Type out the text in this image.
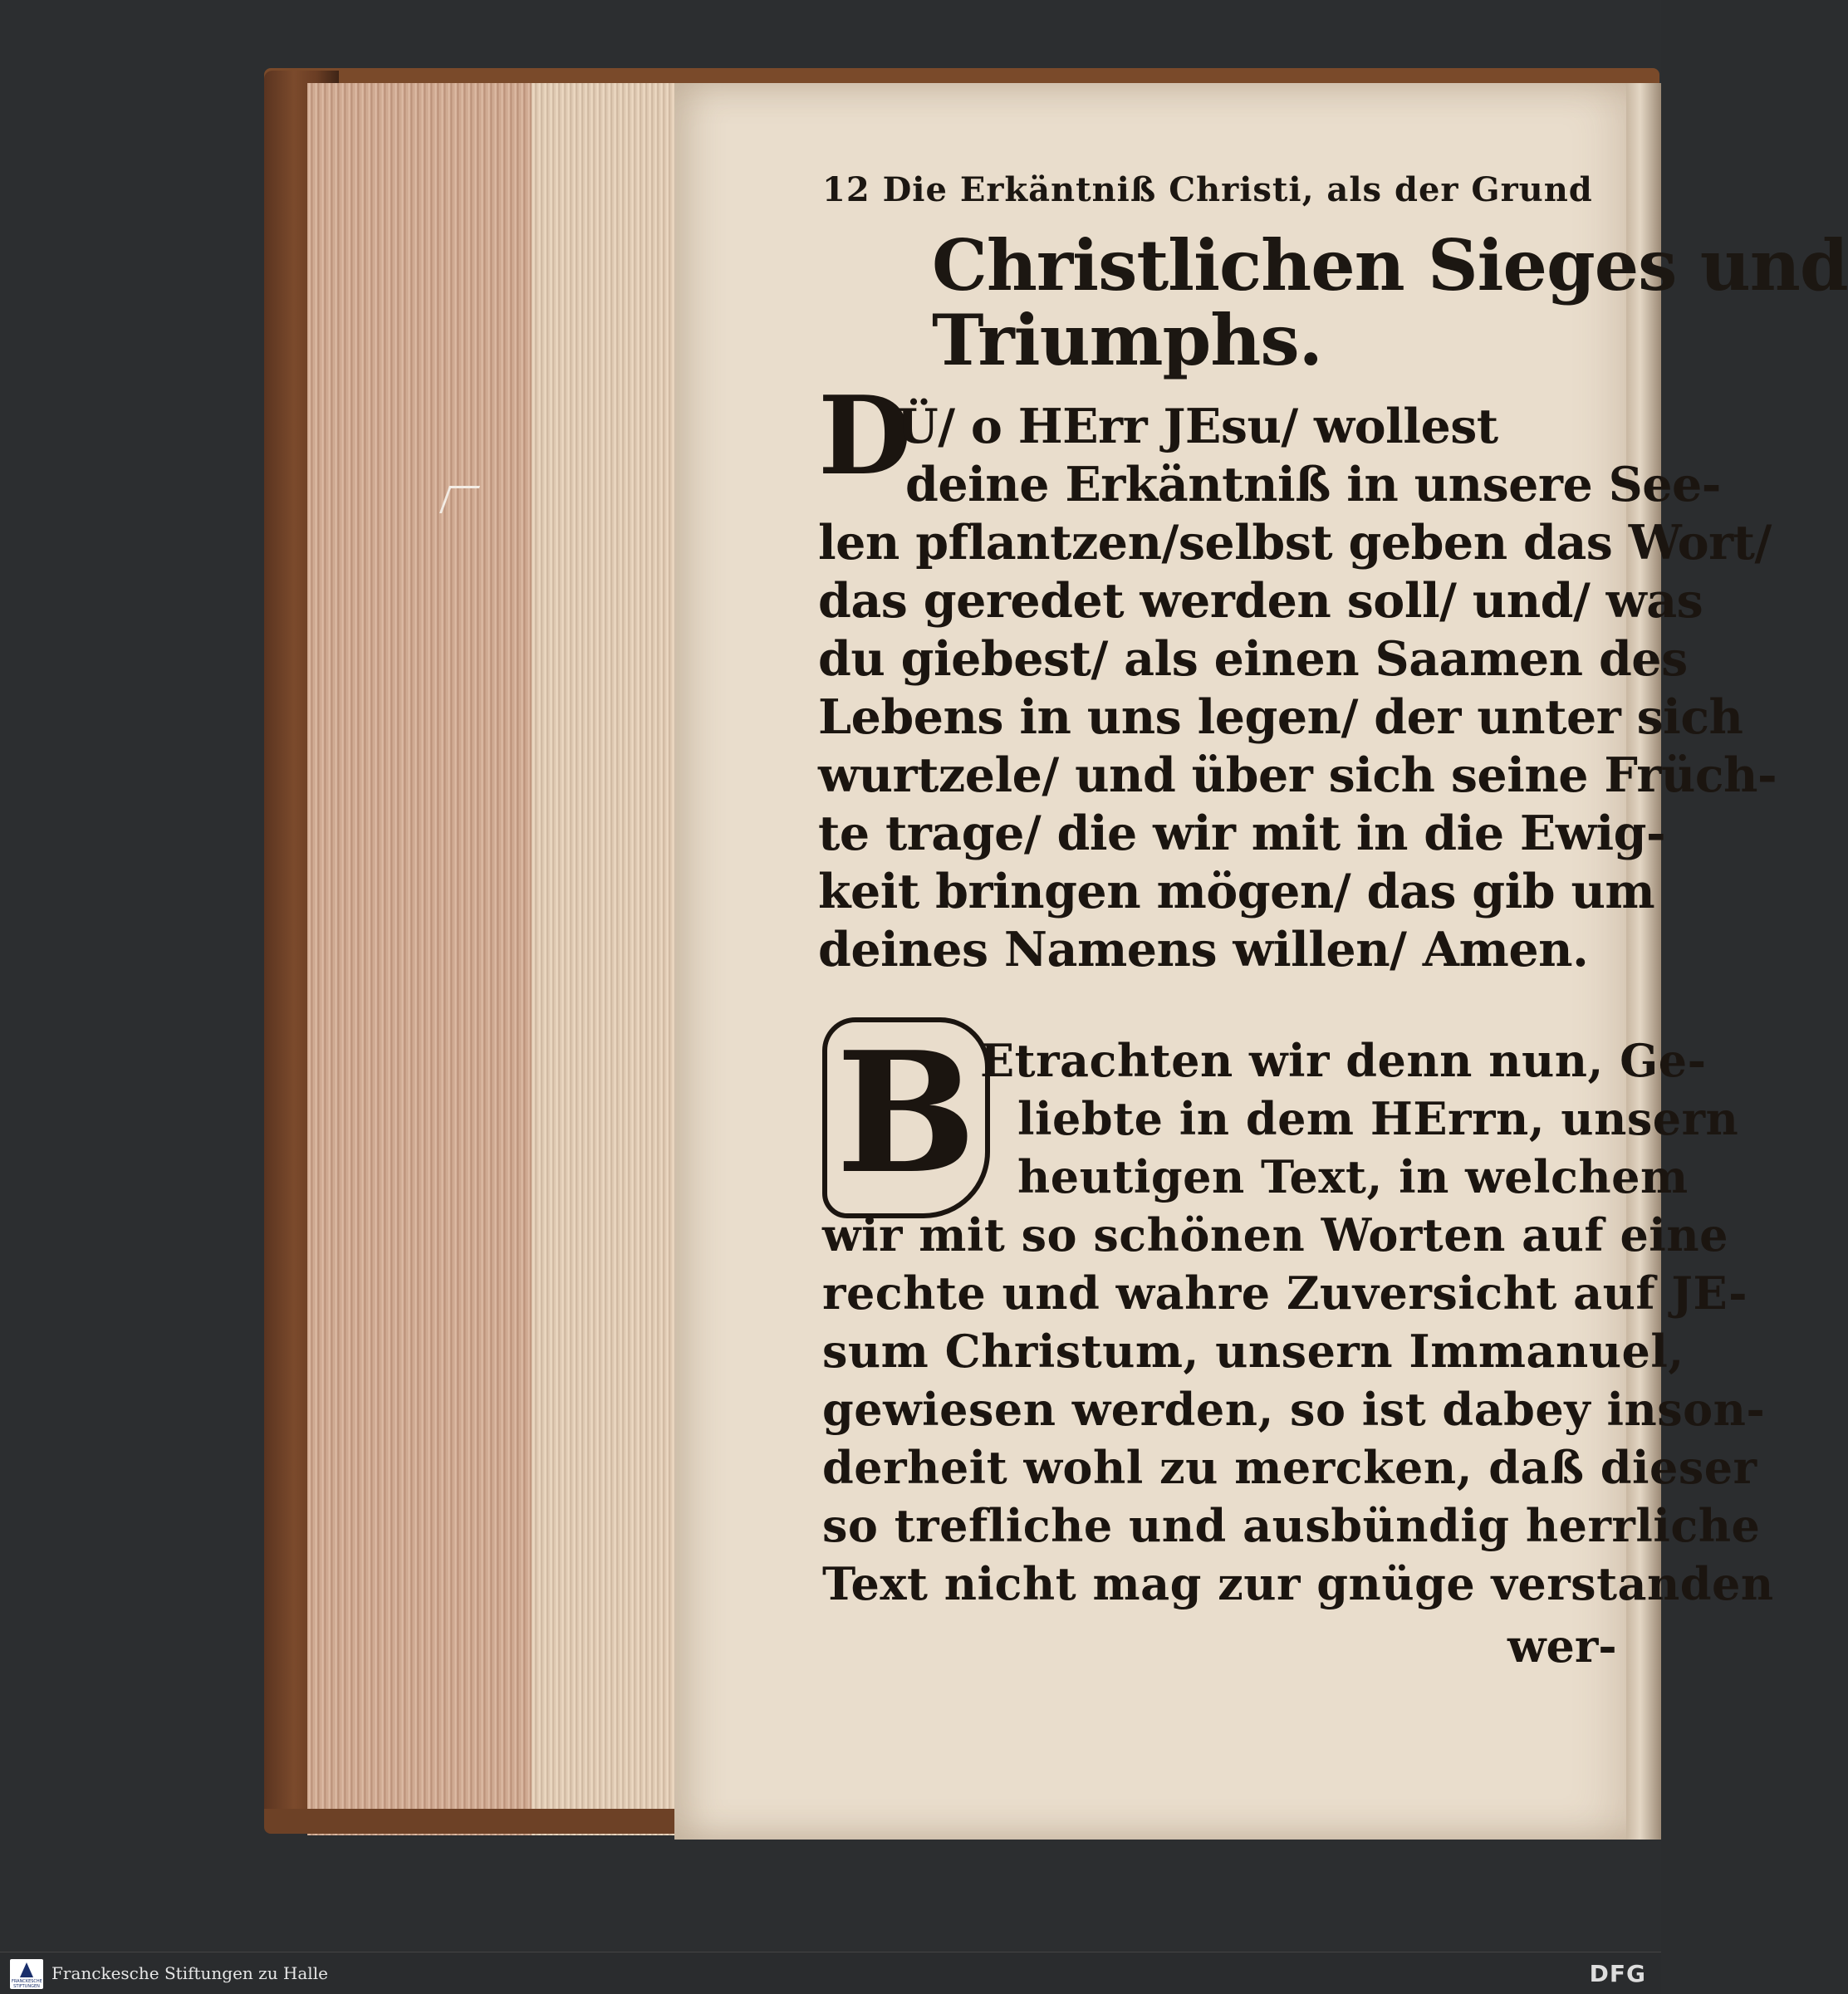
12 Die Erkäntniß Christi, als der Grund
Christlichen Sieges und
Triumphs.
D
Ü/ o HErr JEsu/ wollest
deine Erkäntniß in unsere See-
len pflantzen/selbst geben das Wort/
das geredet werden soll/ und/ was
du giebest/ als einen Saamen des
Lebens in uns legen/ der unter sich
wurtzele/ und über sich seine Früch-
te trage/ die wir mit in die Ewig-
keit bringen mögen/ das gib um
deines Namens willen/ Amen.
B Etrachten wir denn nun, Ge-
liebte in dem HErrn, unsern
heutigen Text, in welchem
wir mit so schönen Worten auf eine
rechte und wahre Zuversicht auf JE-
sum Christum, unsern Immanuel,
gewiesen werden, so ist dabey inson-
derheit wohl zu mercken, daß dieser
so trefliche und ausbündig herrliche
Text nicht mag zur gnüge verstanden
wer-
FRANCKESCHE STIFTUNGEN
Franckesche Stiftungen zu Halle	DFG
